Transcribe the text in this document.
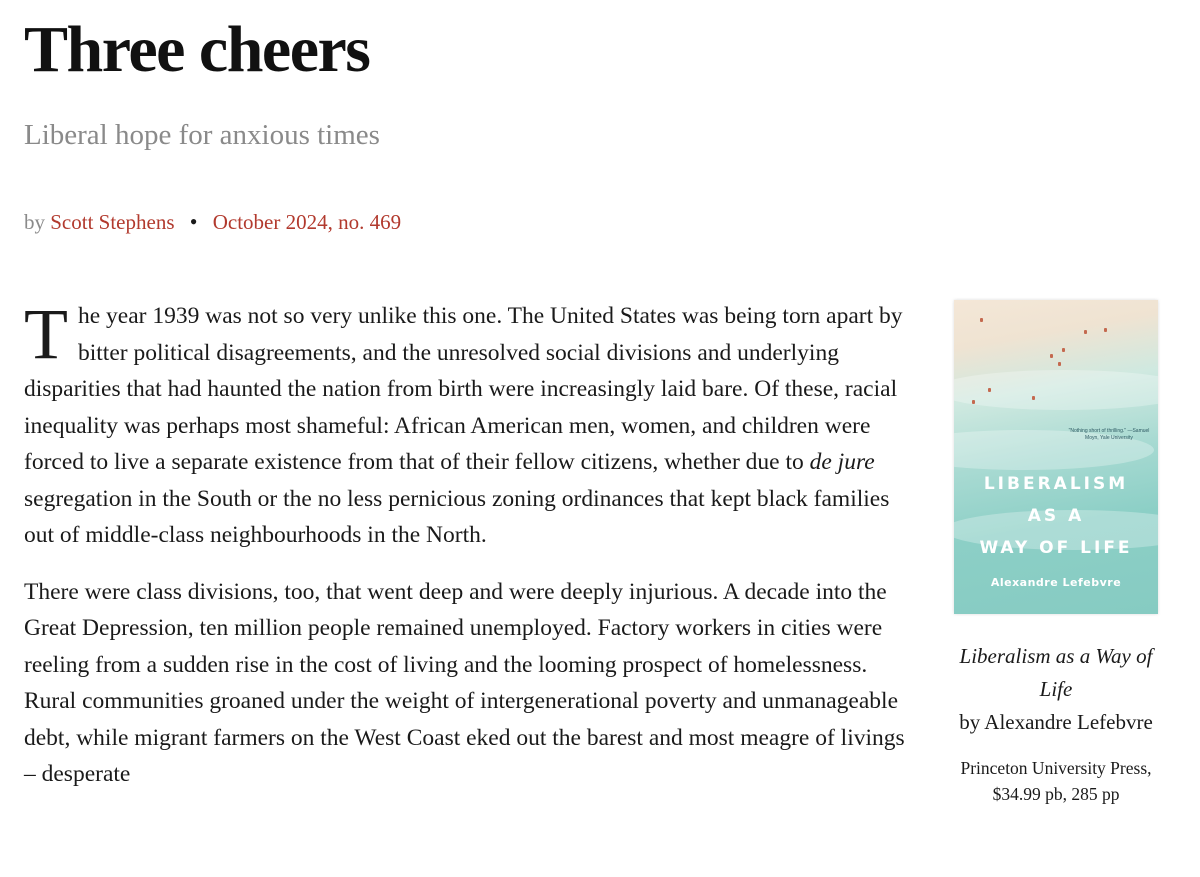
Three cheers
Liberal hope for anxious times
by Scott Stephens • October 2024, no. 469

The year 1939 was not so very unlike this one. The United States was being torn apart by bitter political disagreements, and the unresolved social divisions and underlying disparities that had haunted the nation from birth were increasingly laid bare. Of these, racial inequality was perhaps most shameful: African American men, women, and children were forced to live a separate existence from that of their fellow citizens, whether due to de jure segregation in the South or the no less pernicious zoning ordinances that kept black families out of middle-class neighbourhoods in the North.

There were class divisions, too, that went deep and were deeply injurious. A decade into the Great Depression, ten million people remained unemployed. Factory workers in cities were reeling from a sudden rise in the cost of living and the looming prospect of homelessness. Rural communities groaned under the weight of intergenerational poverty and unmanageable debt, while migrant farmers on the West Coast eked out the barest and most meagre of livings – desperate

"Nothing short of thrilling." —Samuel Moyn, Yale University
LIBERALISM
AS A
WAY OF LIFE
Alexandre Lefebvre
Liberalism as a Way of Life
by Alexandre Lefebvre
Princeton University Press, $34.99 pb, 285 pp
